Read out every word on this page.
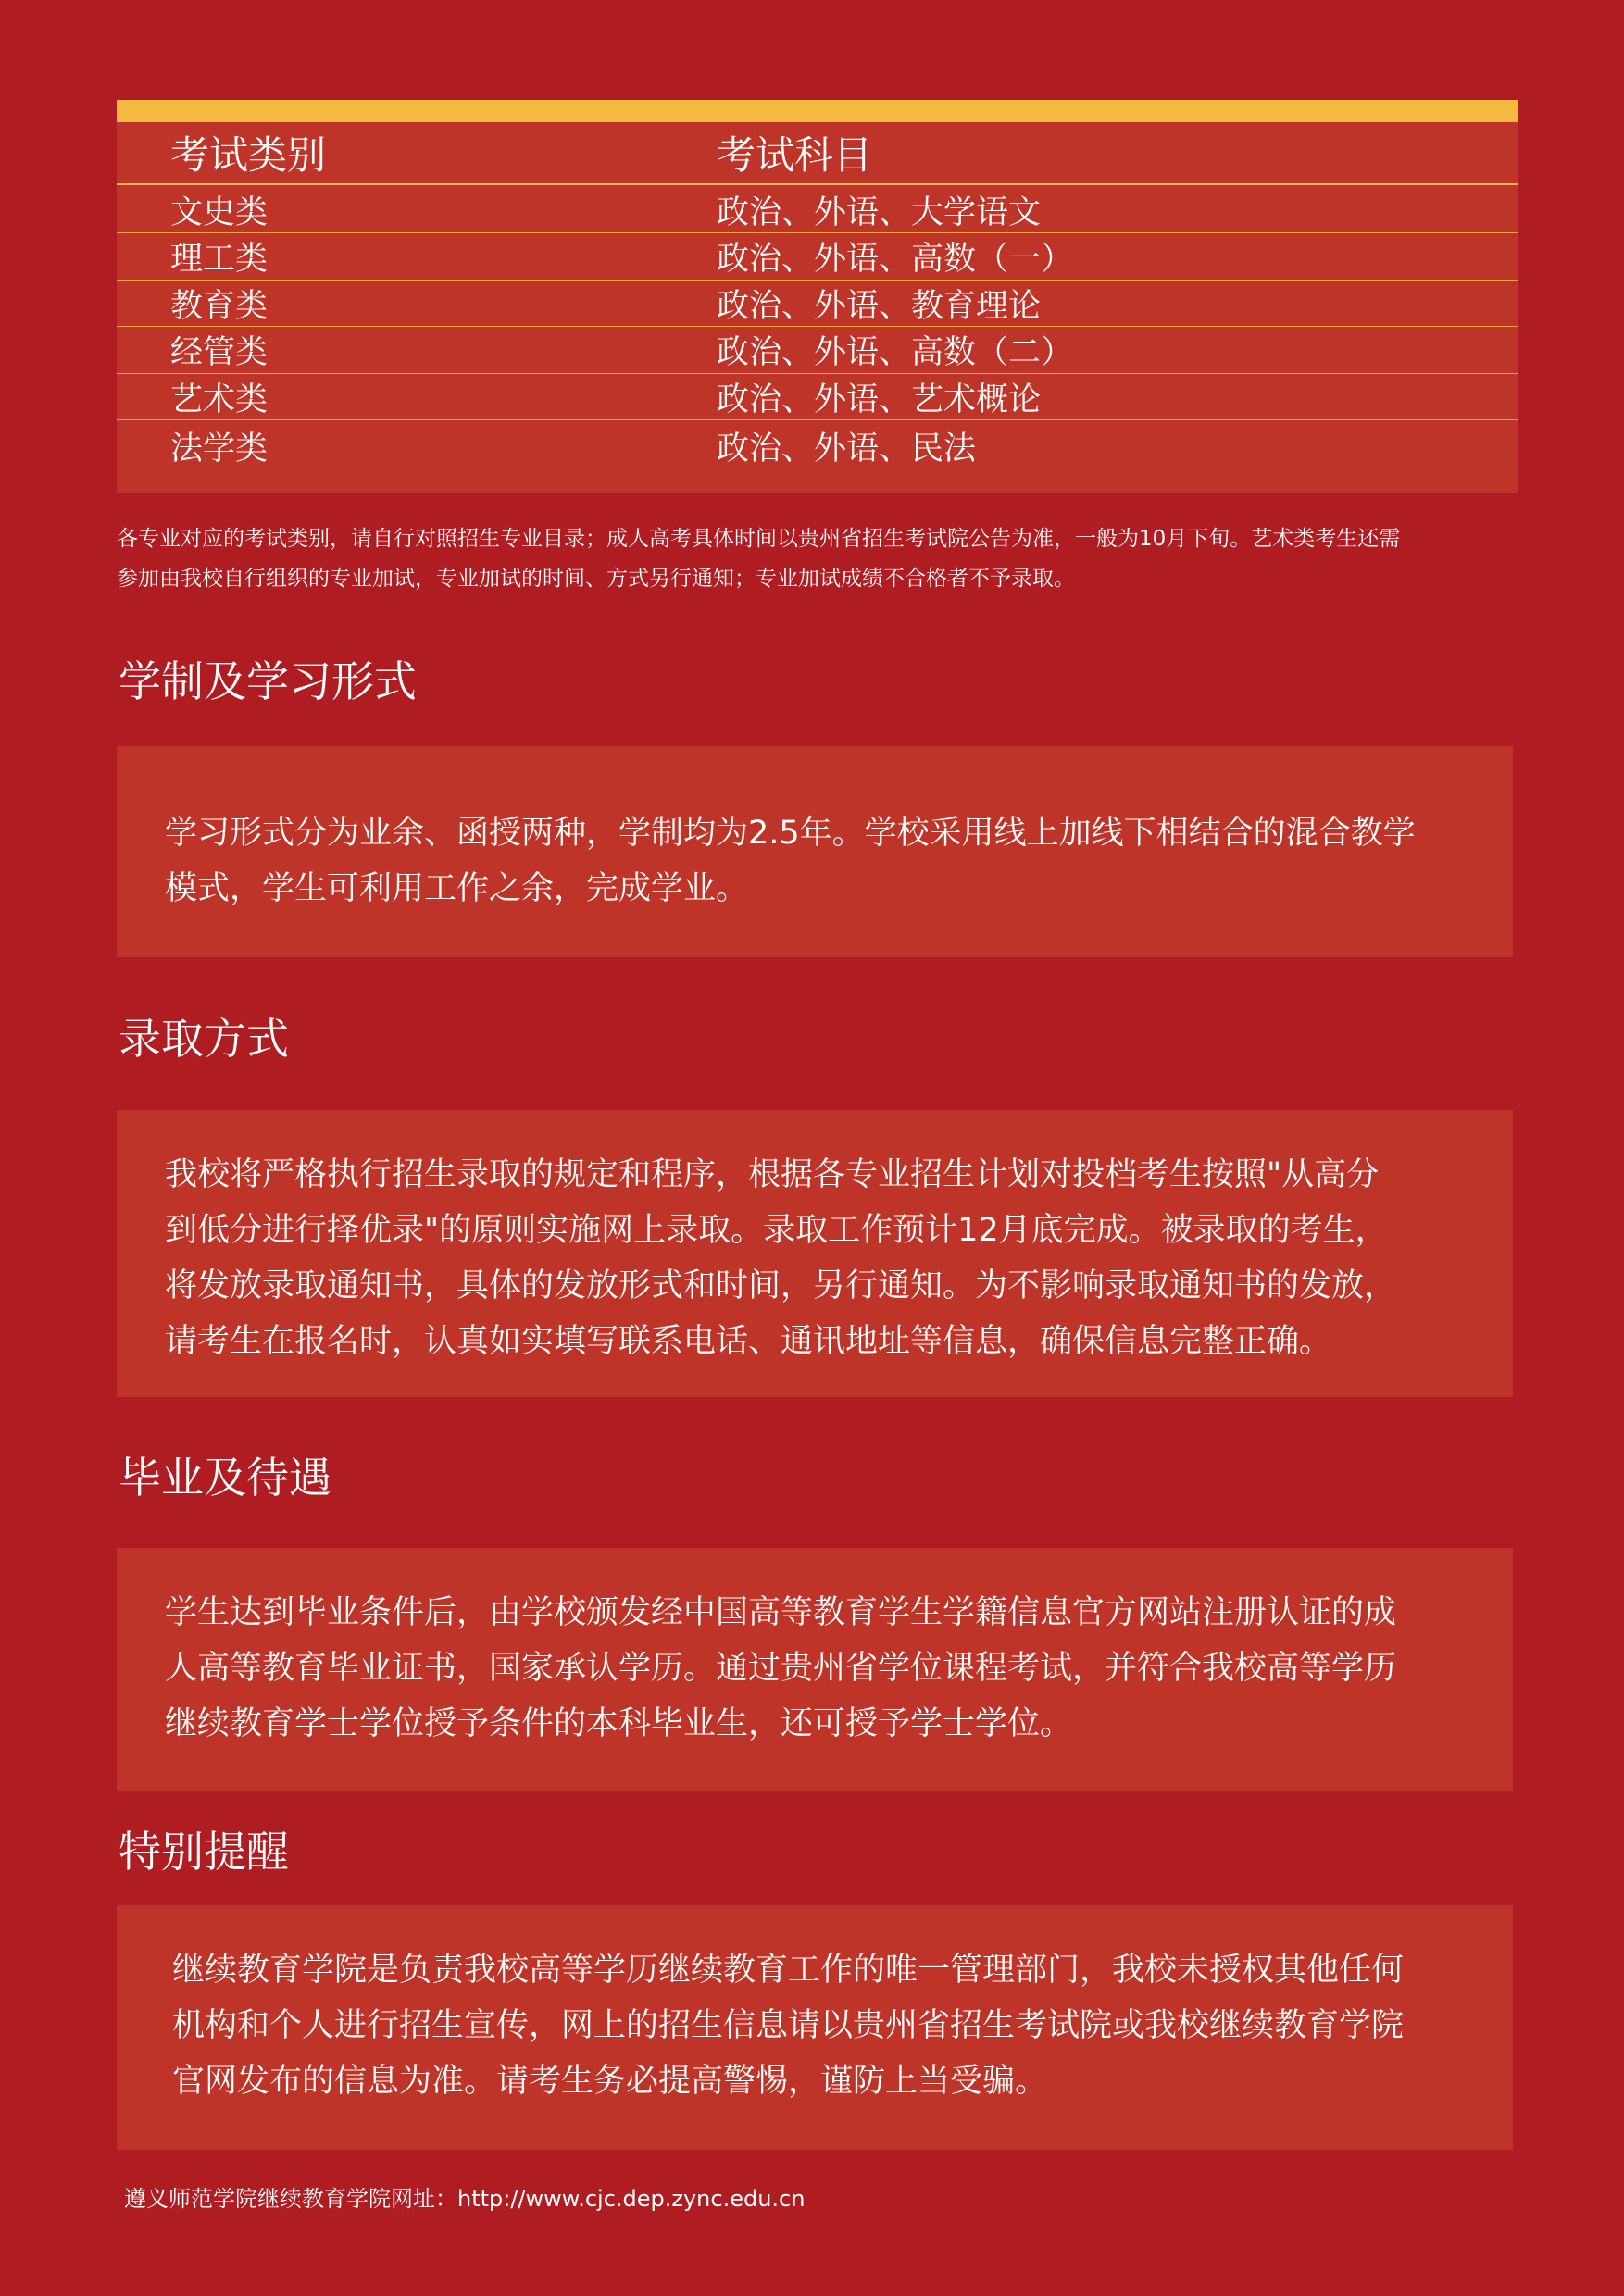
考试类别	考试科目
文史类	政治、外语、大学语文
理工类	政治、外语、高数（一）
教育类	政治、外语、教育理论
经管类	政治、外语、高数（二）
艺术类	政治、外语、艺术概论
法学类	政治、外语、民法
各专业对应的考试类别，请自行对照招生专业目录；成人高考具体时间以贵州省招生考试院公告为准，一般为10月下旬。艺术类考生还需
参加由我校自行组织的专业加试，专业加试的时间、方式另行通知；专业加试成绩不合格者不予录取。
学制及学习形式

学习形式分为业余、函授两种，学制均为2.5年。学校采用线上加线下相结合的混合教学
模式，学生可利用工作之余，完成学业。

录取方式

我校将严格执行招生录取的规定和程序，根据各专业招生计划对投档考生按照"从高分
到低分进行择优录"的原则实施网上录取。录取工作预计12月底完成。被录取的考生，
将发放录取通知书，具体的发放形式和时间，另行通知。为不影响录取通知书的发放，
请考生在报名时，认真如实填写联系电话、通讯地址等信息，确保信息完整正确。

毕业及待遇

学生达到毕业条件后，由学校颁发经中国高等教育学生学籍信息官方网站注册认证的成
人高等教育毕业证书，国家承认学历。通过贵州省学位课程考试，并符合我校高等学历
继续教育学士学位授予条件的本科毕业生，还可授予学士学位。

特别提醒

继续教育学院是负责我校高等学历继续教育工作的唯一管理部门，我校未授权其他任何
机构和个人进行招生宣传，网上的招生信息请以贵州省招生考试院或我校继续教育学院
官网发布的信息为准。请考生务必提高警惕，谨防上当受骗。

遵义师范学院继续教育学院网址：http://www.cjc.dep.zync.edu.cn
